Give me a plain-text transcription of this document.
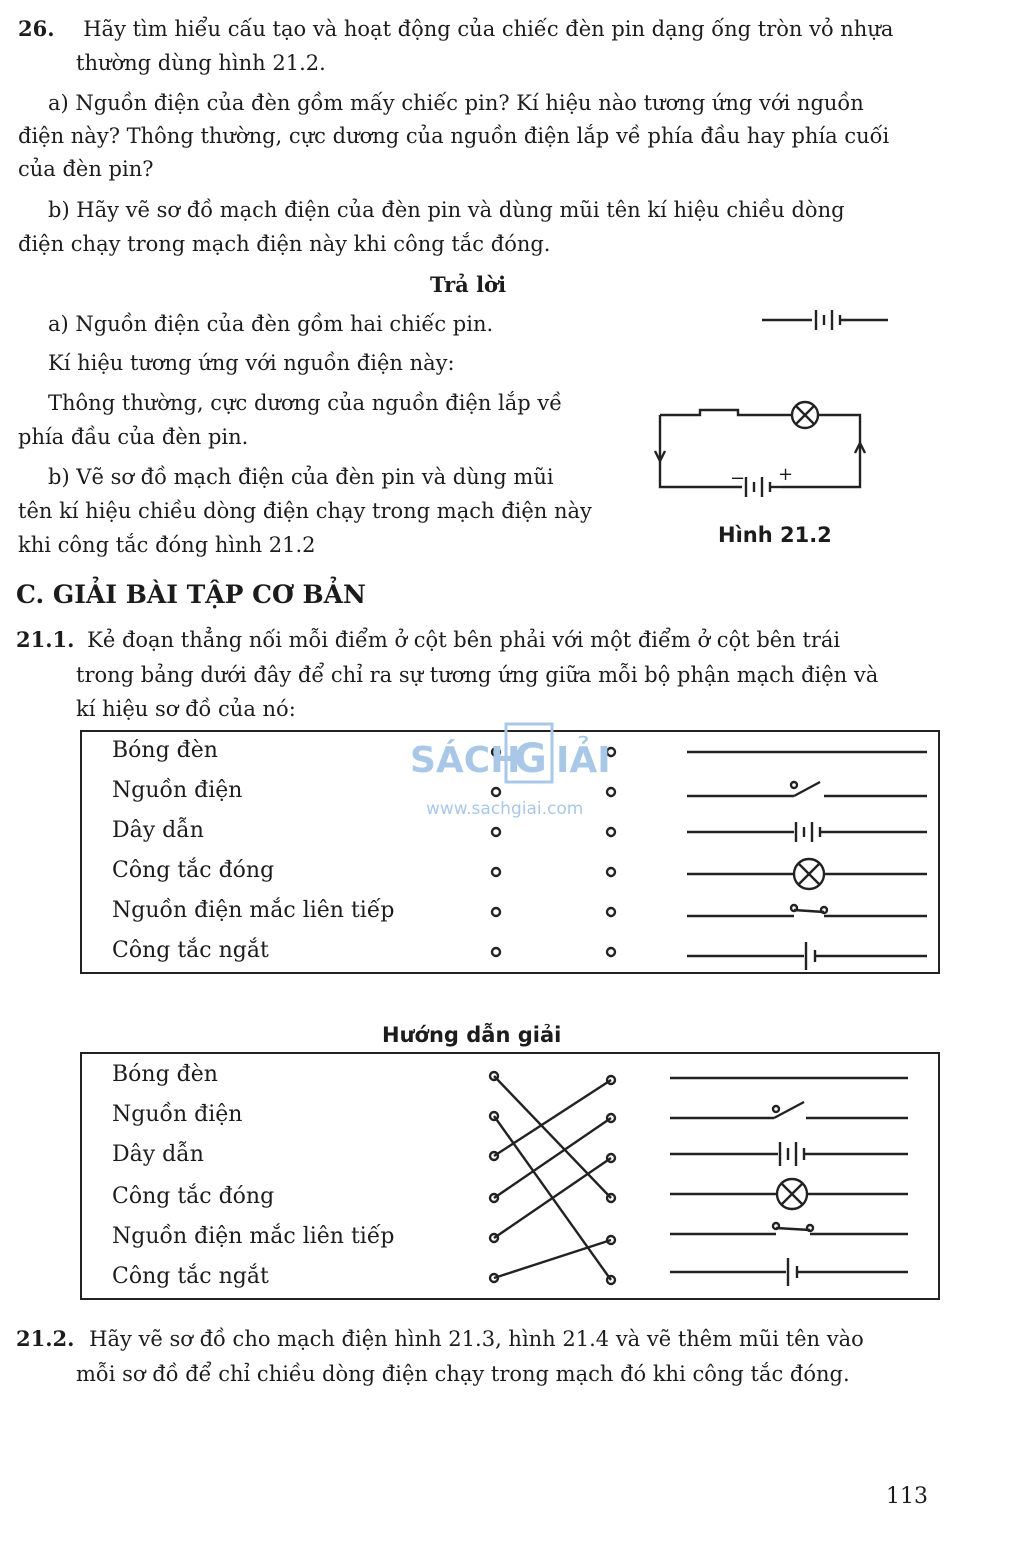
26. Hãy tìm hiểu cấu tạo và hoạt động của chiếc đèn pin dạng ống tròn vỏ nhựa
thường dùng hình 21.2.
a) Nguồn điện của đèn gồm mấy chiếc pin? Kí hiệu nào tương ứng với nguồn
điện này? Thông thường, cực dương của nguồn điện lắp về phía đầu hay phía cuối
của đèn pin?
b) Hãy vẽ sơ đồ mạch điện của đèn pin và dùng mũi tên kí hiệu chiều dòng
điện chạy trong mạch điện này khi công tắc đóng.
Trả lời
a) Nguồn điện của đèn gồm hai chiếc pin.
Kí hiệu tương ứng với nguồn điện này:
Thông thường, cực dương của nguồn điện lắp về
phía đầu của đèn pin.
b) Vẽ sơ đồ mạch điện của đèn pin và dùng mũi
tên kí hiệu chiều dòng điện chạy trong mạch điện này
khi công tắc đóng hình 21.2
− +
Hình 21.2
C. GIẢI BÀI TẬP CƠ BẢN
21.1. Kẻ đoạn thẳng nối mỗi điểm ở cột bên phải với một điểm ở cột bên trái
trong bảng dưới đây để chỉ ra sự tương ứng giữa mỗi bộ phận mạch điện và
kí hiệu sơ đồ của nó:
Bóng đèn
Nguồn điện
Dây dẫn
Công tắc đóng
Nguồn điện mắc liên tiếp
Công tắc ngắt
SÁCH
G IẢI
www.sachgiai.com
Hướng dẫn giải
Bóng đèn
Nguồn điện
Dây dẫn
Công tắc đóng
Nguồn điện mắc liên tiếp
Công tắc ngắt
21.2. Hãy vẽ sơ đồ cho mạch điện hình 21.3, hình 21.4 và vẽ thêm mũi tên vào
mỗi sơ đồ để chỉ chiều dòng điện chạy trong mạch đó khi công tắc đóng.
113
